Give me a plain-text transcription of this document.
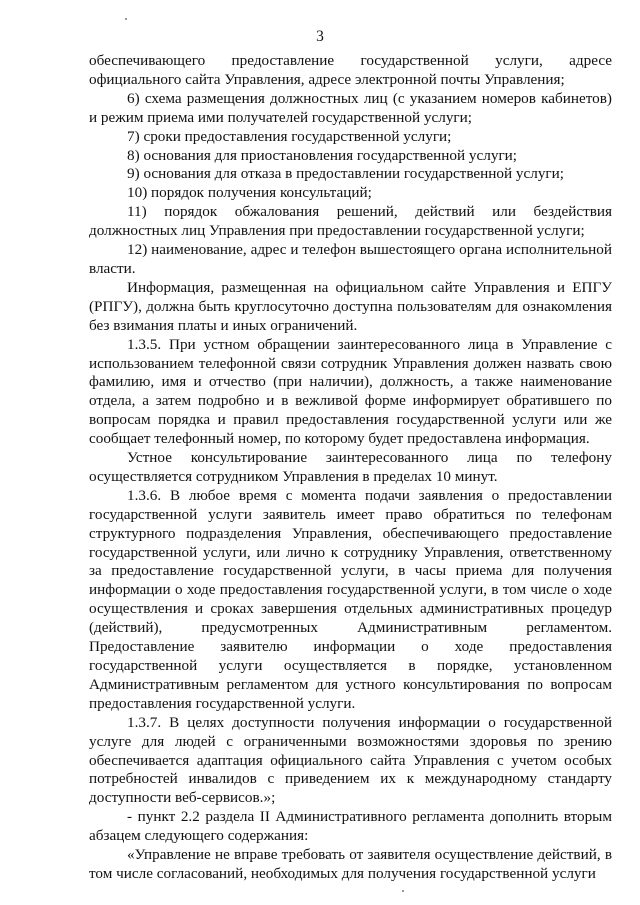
3

обеспечивающего предоставление государственной услуги, адресе официального сайта Управления, адресе электронной почты Управления;

6) схема размещения должностных лиц (с указанием номеров кабинетов) и режим приема ими получателей государственной услуги;

7) сроки предоставления государственной услуги;

8) основания для приостановления государственной услуги;

9) основания для отказа в предоставлении государственной услуги;

10) порядок получения консультаций;

11) порядок обжалования решений, действий или бездействия должностных лиц Управления при предоставлении государственной услуги;

12) наименование, адрес и телефон вышестоящего органа исполнительной власти.

Информация, размещенная на официальном сайте Управления и ЕПГУ (РПГУ), должна быть круглосуточно доступна пользователям для ознакомления без взимания платы и иных ограничений.

1.3.5. При устном обращении заинтересованного лица в Управление с использованием телефонной связи сотрудник Управления должен назвать свою фамилию, имя и отчество (при наличии), должность, а также наименование отдела, а затем подробно и в вежливой форме информирует обратившего по вопросам порядка и правил предоставления государственной услуги или же сообщает телефонный номер, по которому будет предоставлена информация.

Устное консультирование заинтересованного лица по телефону осуществляется сотрудником Управления в пределах 10 минут.

1.3.6. В любое время с момента подачи заявления о предоставлении государственной услуги заявитель имеет право обратиться по телефонам структурного подразделения Управления, обеспечивающего предоставление государственной услуги, или лично к сотруднику Управления, ответственному за предоставление государственной услуги, в часы приема для получения информации о ходе предоставления государственной услуги, в том числе о ходе осуществления и сроках завершения отдельных административных процедур (действий), предусмотренных Административным регламентом. Предоставление заявителю информации о ходе предоставления государственной услуги осуществляется в порядке, установленном Административным регламентом для устного консультирования по вопросам предоставления государственной услуги.

1.3.7. В целях доступности получения информации о государственной услуге для людей с ограниченными возможностями здоровья по зрению обеспечивается адаптация официального сайта Управления с учетом особых потребностей инвалидов с приведением их к международному стандарту доступности веб-сервисов.»;

- пункт 2.2 раздела II Административного регламента дополнить вторым абзацем следующего содержания:

«Управление не вправе требовать от заявителя осуществление действий, в том числе согласований, необходимых для получения государственной услуги
